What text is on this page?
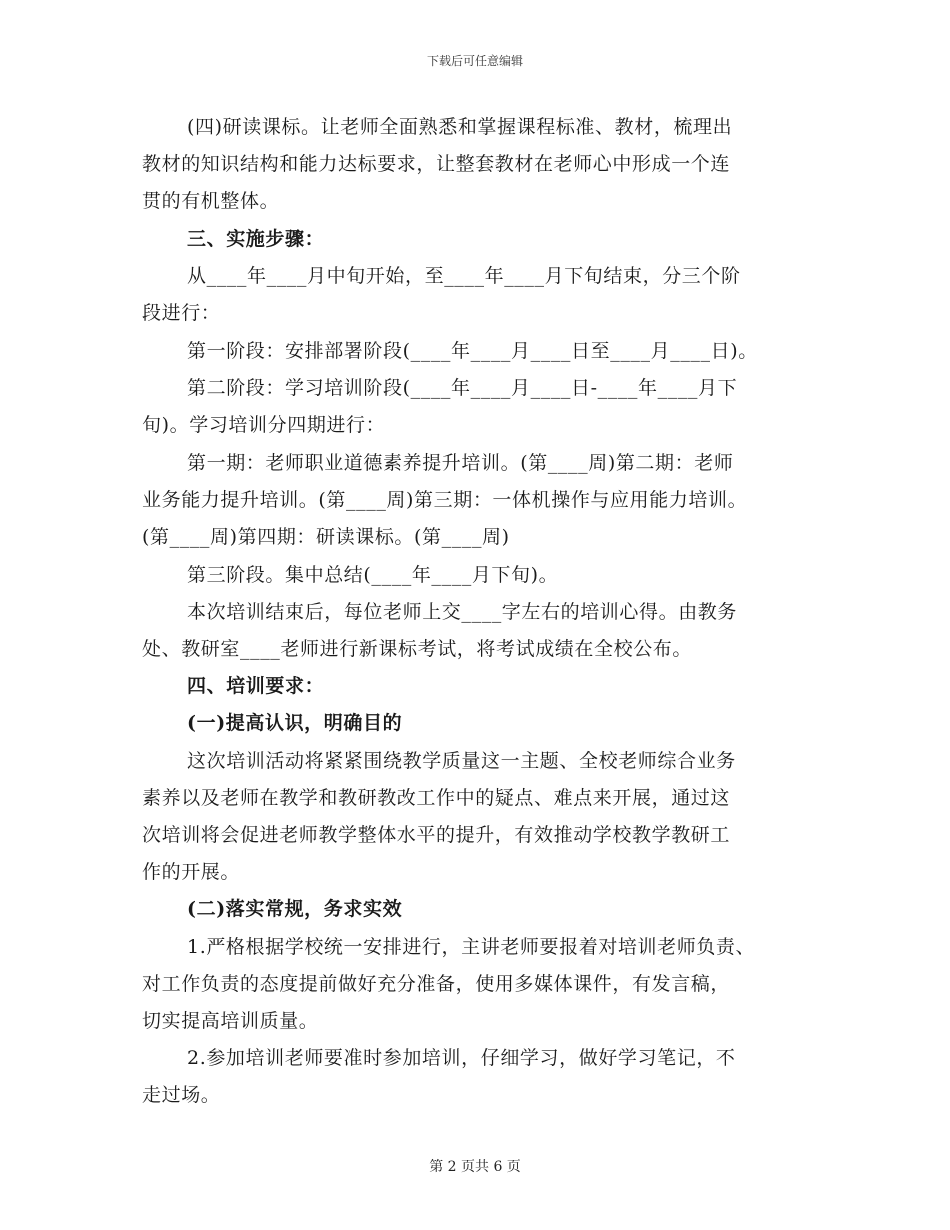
下载后可任意编辑
(四)研读课标。让老师全面熟悉和掌握课程标准、教材，梳理出
教材的知识结构和能力达标要求，让整套教材在老师心中形成一个连
贯的有机整体。
三、实施步骤：
从____年____月中旬开始，至____年____月下旬结束，分三个阶
段进行：
第一阶段：安排部署阶段(____年____月____日至____月____日)。
第二阶段：学习培训阶段(____年____月____日-____年____月下
旬)。学习培训分四期进行：
第一期：老师职业道德素养提升培训。(第____周)第二期：老师
业务能力提升培训。(第____周)第三期：一体机操作与应用能力培训。
(第____周)第四期：研读课标。(第____周)
第三阶段。集中总结(____年____月下旬)。
本次培训结束后，每位老师上交____字左右的培训心得。由教务
处、教研室____老师进行新课标考试，将考试成绩在全校公布。
四、培训要求：
(一)提高认识，明确目的
这次培训活动将紧紧围绕教学质量这一主题、全校老师综合业务
素养以及老师在教学和教研教改工作中的疑点、难点来开展，通过这
次培训将会促进老师教学整体水平的提升，有效推动学校教学教研工
作的开展。
(二)落实常规，务求实效
1.严格根据学校统一安排进行，主讲老师要报着对培训老师负责、
对工作负责的态度提前做好充分准备，使用多媒体课件，有发言稿，
切实提高培训质量。
2.参加培训老师要准时参加培训，仔细学习，做好学习笔记，不
走过场。
第 2 页共 6 页
